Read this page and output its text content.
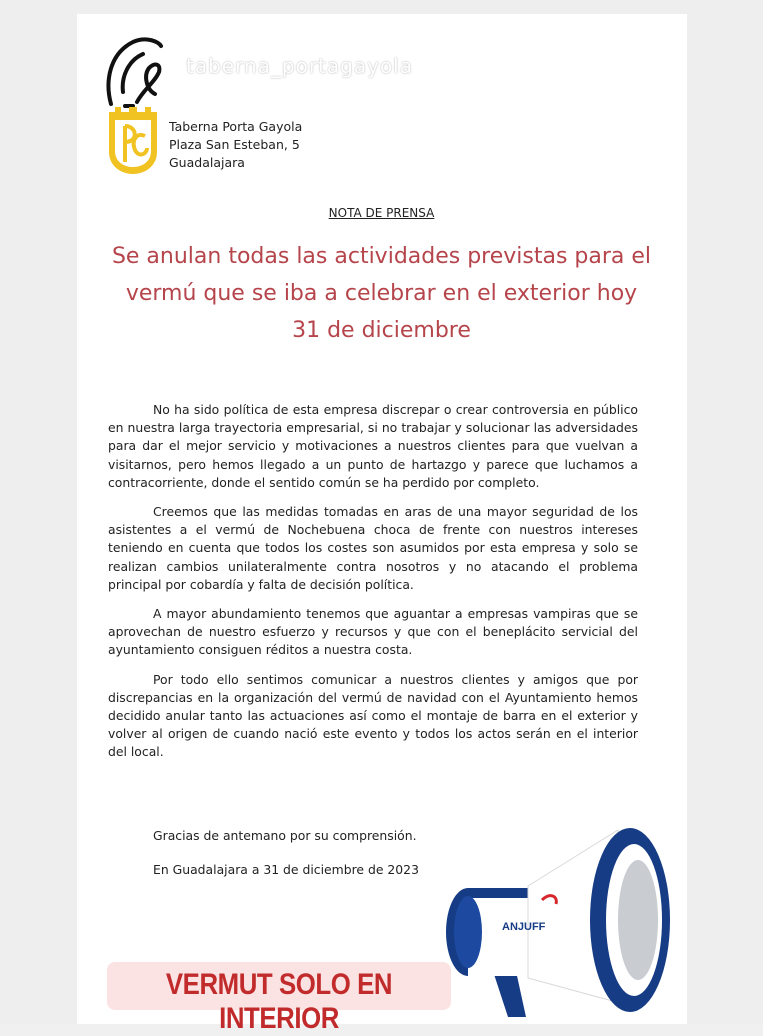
taberna_portagayola
Taberna Porta Gayola
Plaza San Esteban, 5
Guadalajara
NOTA DE PRENSA
Se anulan todas las actividades previstas para el
vermú que se iba a celebrar en el exterior hoy
31 de diciembre

No ha sido política de esta empresa discrepar o crear controversia en público en nuestra larga trayectoria empresarial, si no trabajar y solucionar las adversidades para dar el mejor servicio y motivaciones a nuestros clientes para que vuelvan a visitarnos, pero hemos llegado a un punto de hartazgo y parece que luchamos a contracorriente, donde el sentido común se ha perdido por completo.

Creemos que las medidas tomadas en aras de una mayor seguridad de los asistentes a el vermú de Nochebuena choca de frente con nuestros intereses teniendo en cuenta que todos los costes son asumidos por esta empresa y solo se realizan cambios unilateralmente contra nosotros y no atacando el problema principal por cobardía y falta de decisión política.

A mayor abundamiento tenemos que aguantar a empresas vampiras que se aprovechan de nuestro esfuerzo y recursos y que con el beneplácito servicial del ayuntamiento consiguen réditos a nuestra costa.

Por todo ello sentimos comunicar a nuestros clientes y amigos que por discrepancias en la organización del vermú de navidad con el Ayuntamiento hemos decidido anular tanto las actuaciones así como el montaje de barra en el exterior y volver al origen de cuando nació este evento y todos los actos serán en el interior del local.

Gracias de antemano por su comprensión.
En Guadalajara a 31 de diciembre de 2023
ANJUFF
VERMUT SOLO EN INTERIOR
